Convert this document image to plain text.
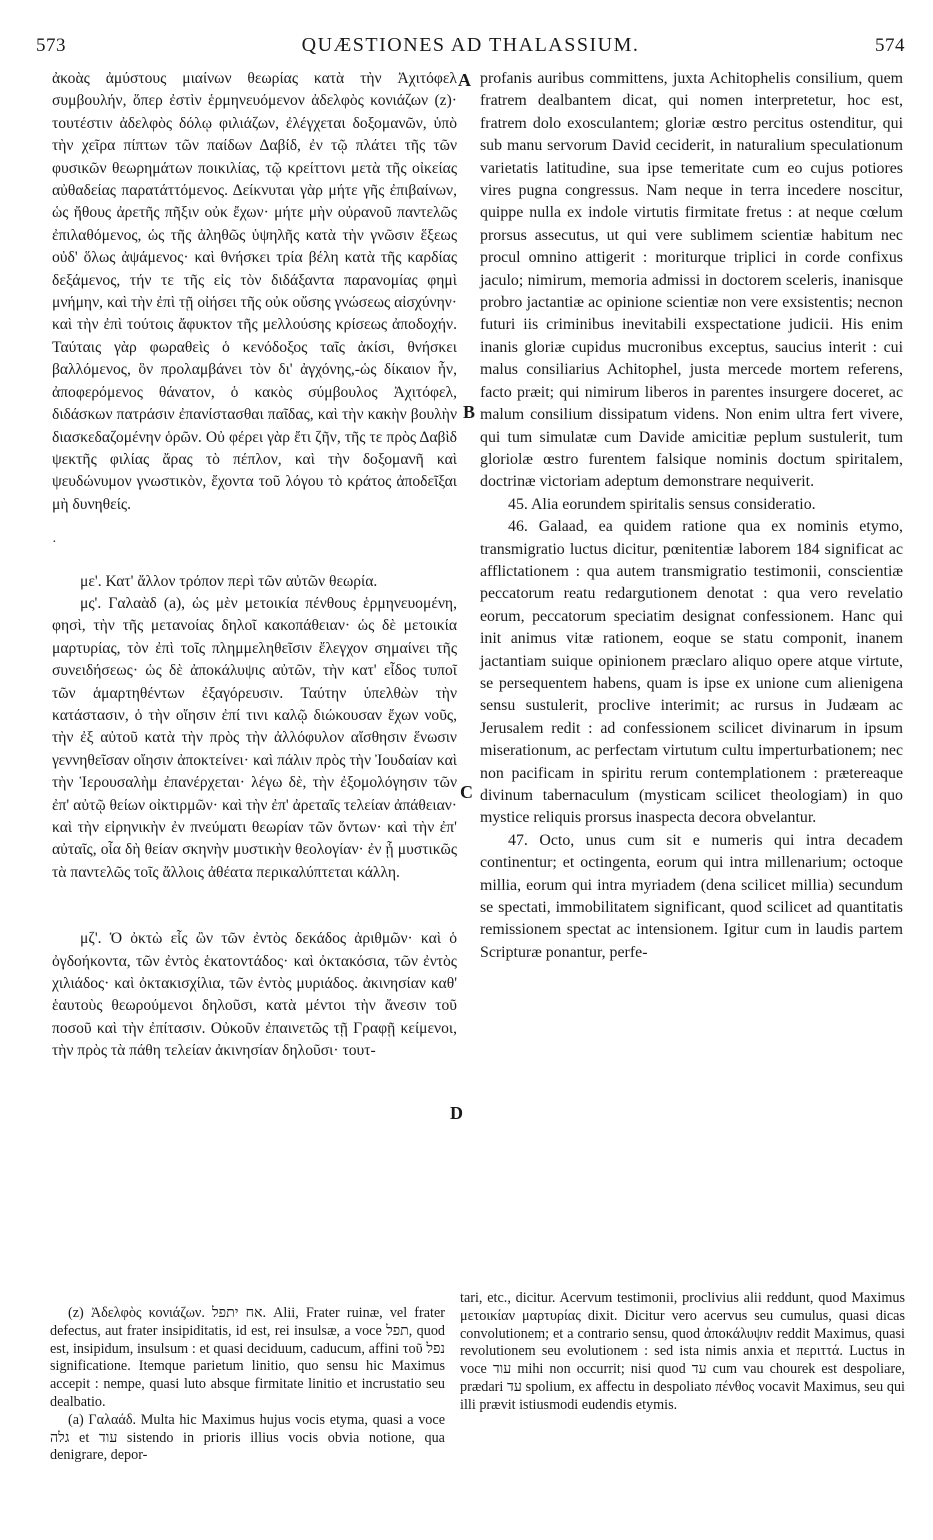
573	QUÆSTIONES AD THALASSIUM.	574
A
B
C
D

ἀκοὰς ἀμύστους μιαίνων θεωρίας κατὰ τὴν Ἀχιτόφελ συμβουλήν, ὅπερ ἐστὶν ἑρμηνευόμενον ἀδελφὸς κονιάζων (z)· τουτέστιν ἀδελφὸς δόλῳ φιλιάζων, ἐλέγχεται δοξομανῶν, ὑπὸ τὴν χεῖρα πίπτων τῶν παίδων Δαβίδ, ἐν τῷ πλάτει τῆς τῶν φυσικῶν θεωρημάτων ποικιλίας, τῷ κρείττονι μετὰ τῆς οἰκείας αὐθαδείας παρατάττόμενος. Δείκνυται γὰρ μήτε γῆς ἐπιβαίνων, ὡς ἤθους ἀρετῆς πῆξιν οὐκ ἔχων· μήτε μὴν οὐρανοῦ παντελῶς ἐπιλαθόμενος, ὡς τῆς ἀληθῶς ὑψηλῆς κατὰ τὴν γνῶσιν ἕξεως οὐδ' ὅλως ἀψάμενος· καὶ θνήσκει τρία βέλη κατὰ τῆς καρδίας δεξάμενος, τήν τε τῆς εἰς τὸν διδάξαντα παρανομίας φημὶ μνήμην, καὶ τὴν ἐπὶ τῇ οἰήσει τῆς οὐκ οὔσης γνώσεως αἰσχύνην· καὶ τὴν ἐπὶ τούτοις ἄφυκτον τῆς μελλούσης κρίσεως ἀποδοχήν. Ταύταις γὰρ φωραθεὶς ὁ κενόδοξος ταῖς ἀκίσι, θνήσκει βαλλόμενος, ὃν προλαμβάνει τὸν δι' ἀγχόνης,-ὡς δίκαιον ἦν, ἀποφερόμενος θάνατον, ὁ κακὸς σύμβουλος Ἀχιτόφελ, διδάσκων πατράσιν ἐπανίστασθαι παῖδας, καὶ τὴν κακὴν βουλὴν διασκεδαζομένην ὁρῶν. Οὐ φέρει γὰρ ἔτι ζῆν, τῆς τε πρὸς Δαβὶδ ψεκτῆς φιλίας ἄρας τὸ πέπλον, καὶ τὴν δοξομανῆ καὶ ψευδώνυμον γνωστικὸν, ἔχοντα τοῦ λόγου τὸ κράτος ἀποδεῖξαι μὴ δυνηθείς.

·

με'. Κατ' ἄλλον τρόπον περὶ τῶν αὐτῶν θεωρία.

μς'. Γαλαὰδ (a), ὡς μὲν μετοικία πένθους ἑρμηνευομένη, φησὶ, τὴν τῆς μετανοίας δηλοῖ κακοπάθειαν· ὡς δὲ μετοικία μαρτυρίας, τὸν ἐπὶ τοῖς πλημμεληθεῖσιν ἔλεγχον σημαίνει τῆς συνειδήσεως· ὡς δὲ ἀποκάλυψις αὐτῶν, τὴν κατ' εἶδος τυποῖ τῶν ἁμαρτηθέντων ἐξαγόρευσιν. Ταύτην ὑπελθὼν τὴν κατάστασιν, ὁ τὴν οἴησιν ἐπί τινι καλῷ διώκουσαν ἔχων νοῦς, τὴν ἐξ αὐτοῦ κατὰ τὴν πρὸς τὴν ἀλλόφυλον αἴσθησιν ἕνωσιν γεννηθεῖσαν οἴησιν ἀποκτείνει· καὶ πάλιν πρὸς τὴν Ἰουδαίαν καὶ τὴν Ἱερουσαλὴμ ἐπανέρχεται· λέγω δὲ, τὴν ἐξομολόγησιν τῶν ἐπ' αὐτῷ θείων οἰκτιρμῶν· καὶ τὴν ἐπ' ἀρεταῖς τελείαν ἀπάθειαν· καὶ τὴν εἰρηνικὴν ἐν πνεύματι θεωρίαν τῶν ὄντων· καὶ τὴν ἐπ' αὐταῖς, οἷα δὴ θείαν σκηνὴν μυστικὴν θεολογίαν· ἐν ᾗ μυστικῶς τὰ παντελῶς τοῖς ἄλλοις ἀθέατα περικαλύπτεται κάλλη.

μζ'. Ὁ ὀκτὼ εἷς ὢν τῶν ἐντὸς δεκάδος ἀριθμῶν· καὶ ὁ ὀγδοήκοντα, τῶν ἐντὸς ἑκατοντάδος· καὶ ὀκτακόσια, τῶν ἐντὸς χιλιάδος· καὶ ὀκτακισχίλια, τῶν ἐντὸς μυριάδος. ἀκινησίαν καθ' ἑαυτοὺς θεωρούμενοι δηλοῦσι, κατὰ μέντοι τὴν ἄνεσιν τοῦ ποσοῦ καὶ τὴν ἐπίτασιν. Οὐκοῦν ἐπαινετῶς τῇ Γραφῇ κείμενοι, τὴν πρὸς τὰ πάθη τελείαν ἀκινησίαν δηλοῦσι· τουτ-

profanis auribus committens, juxta Achitophelis consilium, quem fratrem dealbantem dicat, qui nomen interpretetur, hoc est, fratrem dolo exosculantem; gloriæ œstro percitus ostenditur, qui sub manu servorum David ceciderit, in naturalium speculationum varietatis latitudine, sua ipse temeritate cum eo cujus potiores vires pugna congressus. Nam neque in terra incedere noscitur, quippe nulla ex indole virtutis firmitate fretus : at neque cœlum prorsus assecutus, ut qui vere sublimem scientiæ habitum nec procul omnino attigerit : moriturque triplici in corde confixus jaculo; nimirum, memoria admissi in doctorem sceleris, inanisque probro jactantiæ ac opinione scientiæ non vere exsistentis; necnon futuri iis criminibus inevitabili exspectatione judicii. His enim inanis gloriæ cupidus mucronibus exceptus, saucius interit : cui malus consiliarius Achitophel, justa mercede mortem referens, facto præit; qui nimirum liberos in parentes insurgere doceret, ac malum consilium dissipatum videns. Non enim ultra fert vivere, qui tum simulatæ cum Davide amicitiæ peplum sustulerit, tum gloriolæ œstro furentem falsique nominis doctum spiritalem, doctrinæ victoriam adeptum demonstrare nequiverit.

45. Alia eorundem spiritalis sensus consideratio.

46. Galaad, ea quidem ratione qua ex nominis etymo, transmigratio luctus dicitur, pœnitentiæ laborem 184 significat ac afflictationem : qua autem transmigratio testimonii, conscientiæ peccatorum reatu redargutionem denotat : qua vero revelatio eorum, peccatorum speciatim designat confessionem. Hanc qui init animus vitæ rationem, eoque se statu componit, inanem jactantiam suique opinionem præclaro aliquo opere atque virtute, se persequentem habens, quam is ipse ex unione cum alienigena sensu sustulerit, proclive interimit; ac rursus in Judæam ac Jerusalem redit : ad confessionem scilicet divinarum in ipsum miserationum, ac perfectam virtutum cultu imperturbationem; nec non pacificam in spiritu rerum contemplationem : prætereaque divinum tabernaculum (mysticam scilicet theologiam) in quo mystice reliquis prorsus inaspecta decora obvelantur.

47. Octo, unus cum sit e numeris qui intra decadem continentur; et octingenta, eorum qui intra millenarium; octoque millia, eorum qui intra myriadem (dena scilicet millia) secundum se spectati, immobilitatem significant, quod scilicet ad quantitatis remissionem spectat ac intensionem. Igitur cum in laudis partem Scripturæ ponantur, perfe-

(z) Ἀδελφὸς κονιάζων. אח יתפל. Alii, Frater ruinæ, vel frater defectus, aut frater insipiditatis, id est, rei insulsæ, a voce תפל, quod est, insipidum, insulsum : et quasi deciduum, caducum, affini τοῦ נפל significatione. Itemque parietum linitio, quo sensu hic Maximus accepit : nempe, quasi luto absque firmitate linitio et incrustatio seu dealbatio.

(a) Γαλαάδ. Multa hic Maximus hujus vocis etyma, quasi a voce גלה et עוד sistendo in prioris illius vocis obvia notione, qua denigrare, depor-

tari, etc., dicitur. Acervum testimonii, proclivius alii reddunt, quod Maximus μετοικίαν μαρτυρίας dixit. Dicitur vero acervus seu cumulus, quasi dicas convolutionem; et a contrario sensu, quod ἀποκάλυψιν reddit Maximus, quasi revolutionem seu evolutionem : sed ista nimis anxia et περιττά. Luctus in voce עוד mihi non occurrit; nisi quod עד cum vau chourek est despoliare, prædari עד spolium, ex affectu in despoliato πένθος vocavit Maximus, seu qui illi prævit istiusmodi eudendis etymis.
